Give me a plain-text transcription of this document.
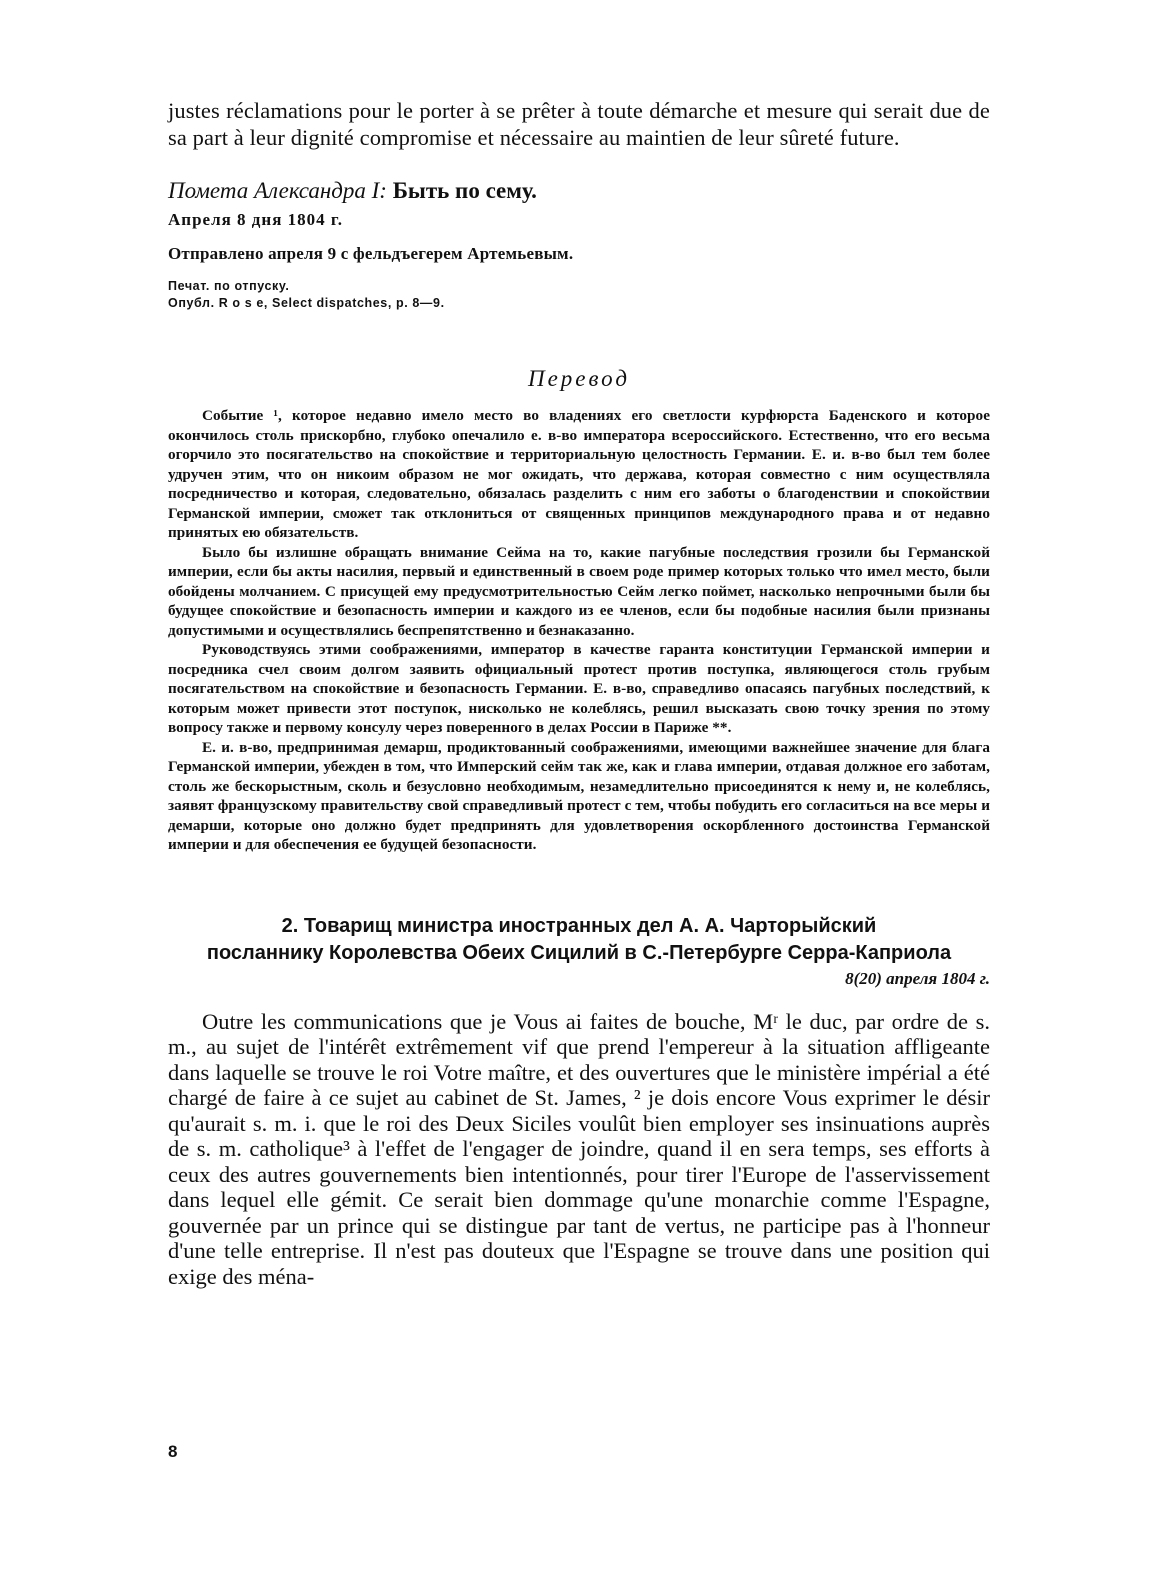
justes réclamations pour le porter à se prêter à toute démarche et mesure qui serait due de sa part à leur dignité compromise et nécessaire au maintien de leur sûreté future.

Помета Александра I: Быть по сему.
Апреля 8 дня 1804 г.
Отправлено апреля 9 с фельдъегерем Артемьевым.
Печат. по отпуску.
Опубл. R o s e, Select dispatches, p. 8—9.
Перевод

Событие ¹, которое недавно имело место во владениях его светлости курфюрста Баденского и которое окончилось столь прискорбно, глубоко опечалило е. в-во императора всероссийского. Естественно, что его весьма огорчило это посягательство на спокойствие и территориальную целостность Германии. Е. и. в-во был тем более удручен этим, что он никоим образом не мог ожидать, что держава, которая совместно с ним осуществляла посредничество и которая, следовательно, обязалась разделить с ним его заботы о благоденствии и спокойствии Германской империи, сможет так отклониться от священных принципов международного права и от недавно принятых ею обязательств.

Было бы излишне обращать внимание Сейма на то, какие пагубные последствия грозили бы Германской империи, если бы акты насилия, первый и единственный в своем роде пример которых только что имел место, были обойдены молчанием. С присущей ему предусмотрительностью Сейм легко поймет, насколько непрочными были бы будущее спокойствие и безопасность империи и каждого из ее членов, если бы подобные насилия были признаны допустимыми и осуществлялись беспрепятственно и безнаказанно.

Руководствуясь этими соображениями, император в качестве гаранта конституции Германской империи и посредника счел своим долгом заявить официальный протест против поступка, являющегося столь грубым посягательством на спокойствие и безопасность Германии. Е. в-во, справедливо опасаясь пагубных последствий, к которым может привести этот поступок, нисколько не колеблясь, решил высказать свою точку зрения по этому вопросу также и первому консулу через поверенного в делах России в Париже **.

Е. и. в-во, предпринимая демарш, продиктованный соображениями, имеющими важнейшее значение для блага Германской империи, убежден в том, что Имперский сейм так же, как и глава империи, отдавая должное его заботам, столь же бескорыстным, сколь и безусловно необходимым, незамедлительно присоединятся к нему и, не колеблясь, заявят французскому правительству свой справедливый протест с тем, чтобы побудить его согласиться на все меры и демарши, которые оно должно будет предпринять для удовлетворения оскорбленного достоинства Германской империи и для обеспечения ее будущей безопасности.

2. Товарищ министра иностранных дел А. А. Чарторыйский
посланнику Королевства Обеих Сицилий в С.-Петербурге Серра-Каприола
8(20) апреля 1804 г.

Outre les communications que je Vous ai faites de bouche, Mʳ le duc, par ordre de s. m., au sujet de l'intérêt extrêmement vif que prend l'empereur à la situation affligeante dans laquelle se trouve le roi Votre maître, et des ouvertures que le ministère impérial a été chargé de faire à ce sujet au cabinet de St. James, ² je dois encore Vous exprimer le désir qu'aurait s. m. i. que le roi des Deux Siciles voulût bien employer ses insinuations auprès de s. m. catholique³ à l'effet de l'engager de joindre, quand il en sera temps, ses efforts à ceux des autres gouvernements bien intentionnés, pour tirer l'Europe de l'asservissement dans lequel elle gémit. Ce serait bien dommage qu'une monarchie comme l'Espagne, gouvernée par un prince qui se distingue par tant de vertus, ne participe pas à l'honneur d'une telle entreprise. Il n'est pas douteux que l'Espagne se trouve dans une position qui exige des ména-

8
